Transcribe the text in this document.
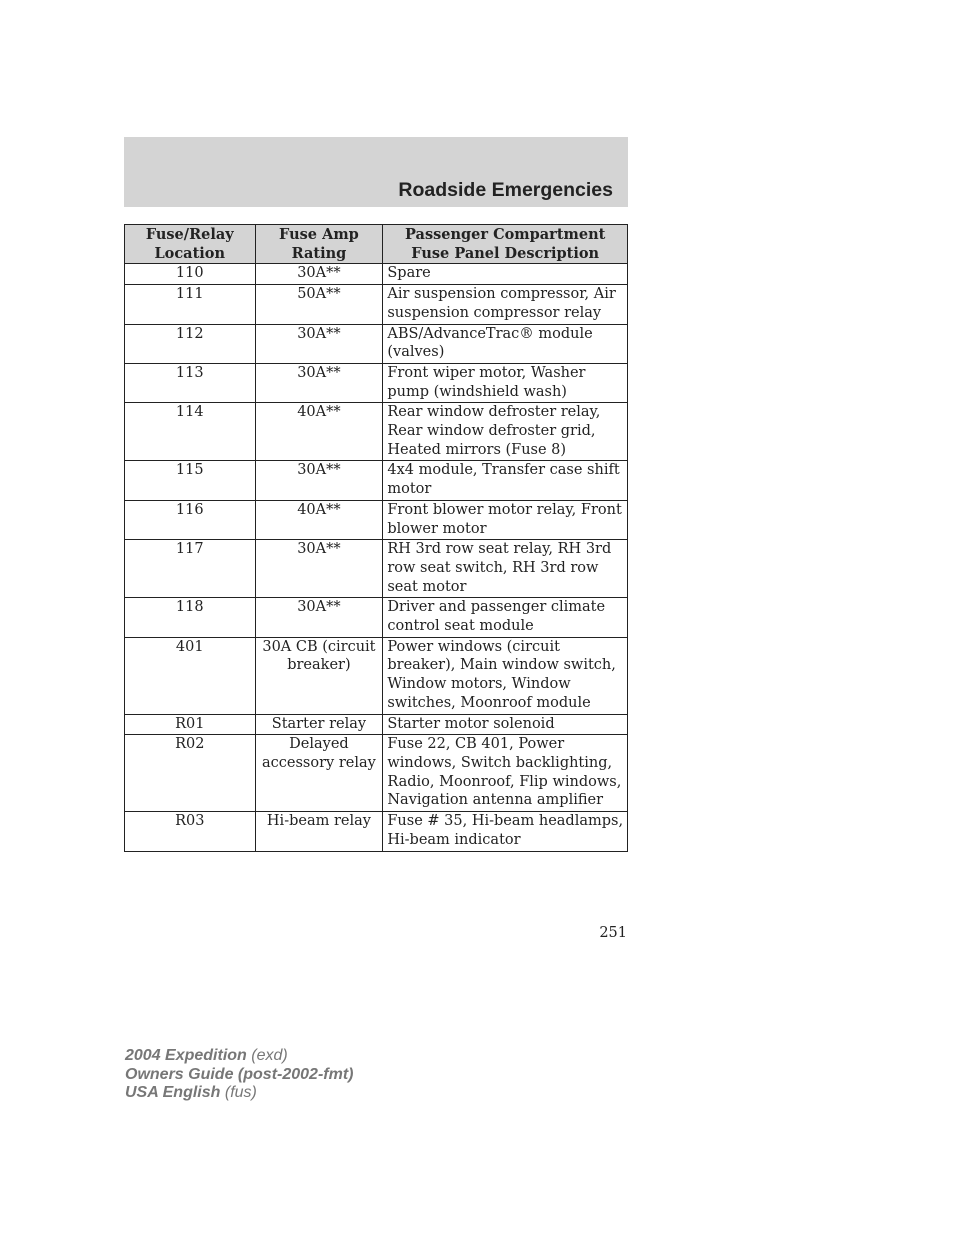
Roadside Emergencies
Fuse/Relay Location	Fuse Amp Rating	Passenger Compartment Fuse Panel Description
110	30A**	Spare
111	50A**	Air suspension compressor, Air suspension compressor relay
112	30A**	ABS/AdvanceTrac® module (valves)
113	30A**	Front wiper motor, Washer pump (windshield wash)
114	40A**	Rear window defroster relay, Rear window defroster grid, Heated mirrors (Fuse 8)
115	30A**	4x4 module, Transfer case shift motor
116	40A**	Front blower motor relay, Front blower motor
117	30A**	RH 3rd row seat relay, RH 3rd row seat switch, RH 3rd row seat motor
118	30A**	Driver and passenger climate control seat module
401	30A CB (circuit breaker)	Power windows (circuit breaker), Main window switch, Window motors, Window switches, Moonroof module
R01	Starter relay	Starter motor solenoid
R02	Delayed accessory relay	Fuse 22, CB 401, Power windows, Switch backlighting, Radio, Moonroof, Flip windows, Navigation antenna amplifier
R03	Hi-beam relay	Fuse # 35, Hi-beam headlamps, Hi-beam indicator
251
2004 Expedition (exd)
Owners Guide (post-2002-fmt)
USA English (fus)
